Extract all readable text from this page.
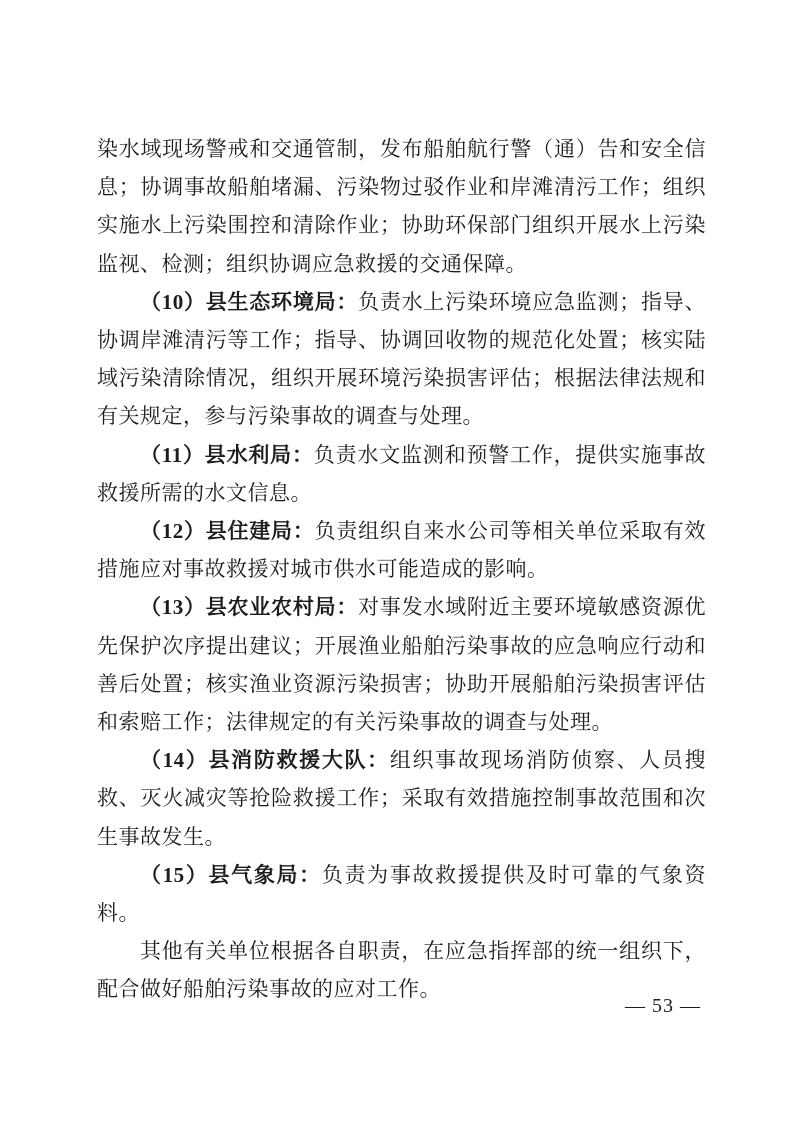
染水域现场警戒和交通管制，发布船舶航行警（通）告和安全信息；协调事故船舶堵漏、污染物过驳作业和岸滩清污工作；组织实施水上污染围控和清除作业；协助环保部门组织开展水上污染监视、检测；组织协调应急救援的交通保障。

（10）县生态环境局：负责水上污染环境应急监测；指导、协调岸滩清污等工作；指导、协调回收物的规范化处置；核实陆域污染清除情况，组织开展环境污染损害评估；根据法律法规和有关规定，参与污染事故的调查与处理。

（11）县水利局：负责水文监测和预警工作，提供实施事故救援所需的水文信息。

（12）县住建局：负责组织自来水公司等相关单位采取有效措施应对事故救援对城市供水可能造成的影响。

（13）县农业农村局：对事发水域附近主要环境敏感资源优先保护次序提出建议；开展渔业船舶污染事故的应急响应行动和善后处置；核实渔业资源污染损害；协助开展船舶污染损害评估和索赔工作；法律规定的有关污染事故的调查与处理。

（14）县消防救援大队：组织事故现场消防侦察、人员搜救、灭火减灾等抢险救援工作；采取有效措施控制事故范围和次生事故发生。

（15）县气象局：负责为事故救援提供及时可靠的气象资料。

其他有关单位根据各自职责，在应急指挥部的统一组织下，配合做好船舶污染事故的应对工作。

— 53 —
